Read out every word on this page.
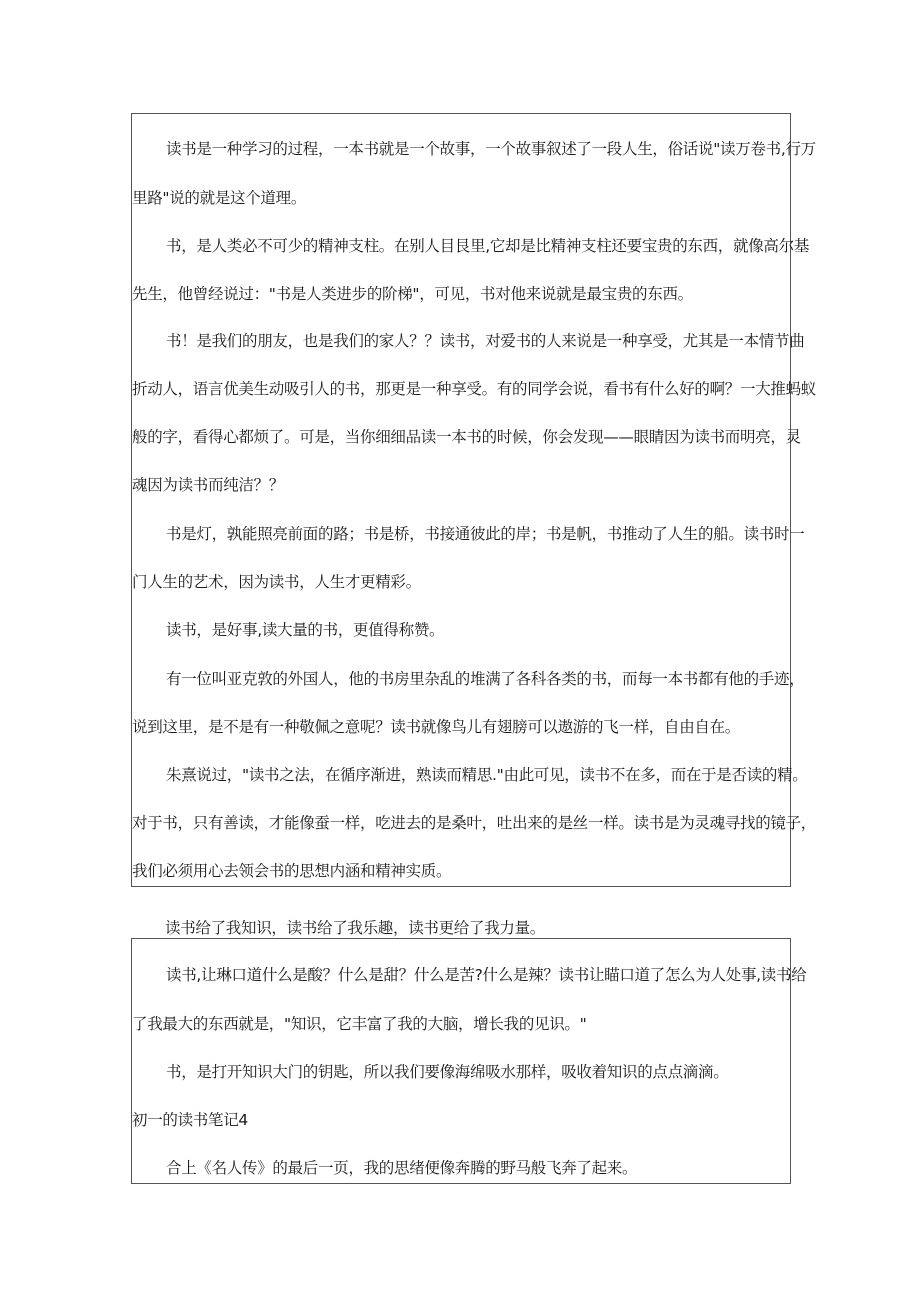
读书是一种学习的过程，一本书就是一个故事，一个故事叙述了一段人生，俗话说"读万卷书,行万
里路"说的就是这个道理。
书，是人类必不可少的精神支柱。在别人目艮里,它却是比精神支柱还要宝贵的东西，就像高尔基
先生，他曾经说过："书是人类进步的阶梯"，可见，书对他来说就是最宝贵的东西。
书！是我们的朋友，也是我们的家人？？读书，对爱书的人来说是一种享受，尤其是一本情节曲
折动人，语言优美生动吸引人的书，那更是一种享受。有的同学会说，看书有什么好的啊？一大推蚂蚁
般的字，看得心都烦了。可是，当你细细品读一本书的时候，你会发现——眼睛因为读书而明亮，灵
魂因为读书而纯洁？？
书是灯，孰能照亮前面的路；书是桥，书接通彼此的岸；书是帆，书推动了人生的船。读书时一
门人生的艺术，因为读书，人生才更精彩。
读书，是好事,读大量的书，更值得称赞。
有一位叫亚克敦的外国人，他的书房里杂乱的堆满了各科各类的书，而每一本书都有他的手迹，
说到这里，是不是有一种敬佩之意呢？读书就像鸟儿有翅膀可以遨游的飞一样，自由自在。
朱熹说过，"读书之法，在循序渐进，熟读而精思."由此可见，读书不在多，而在于是否读的精。
对于书，只有善读，才能像蚕一样，吃进去的是桑叶，吐出来的是丝一样。读书是为灵魂寻找的镜子，
我们必须用心去领会书的思想内涵和精神实质。
读书给了我知识，读书给了我乐趣，读书更给了我力量。
读书,让琳口道什么是酸？什么是甜？什么是苦?什么是辣？读书让瞄口道了怎么为人处事,读书给
了我最大的东西就是，"知识，它丰富了我的大脑，增长我的见识。"
书，是打开知识大门的钥匙，所以我们要像海绵吸水那样，吸收着知识的点点滴滴。
初一的读书笔记4
合上《名人传》的最后一页，我的思绪便像奔腾的野马般飞奔了起来。
